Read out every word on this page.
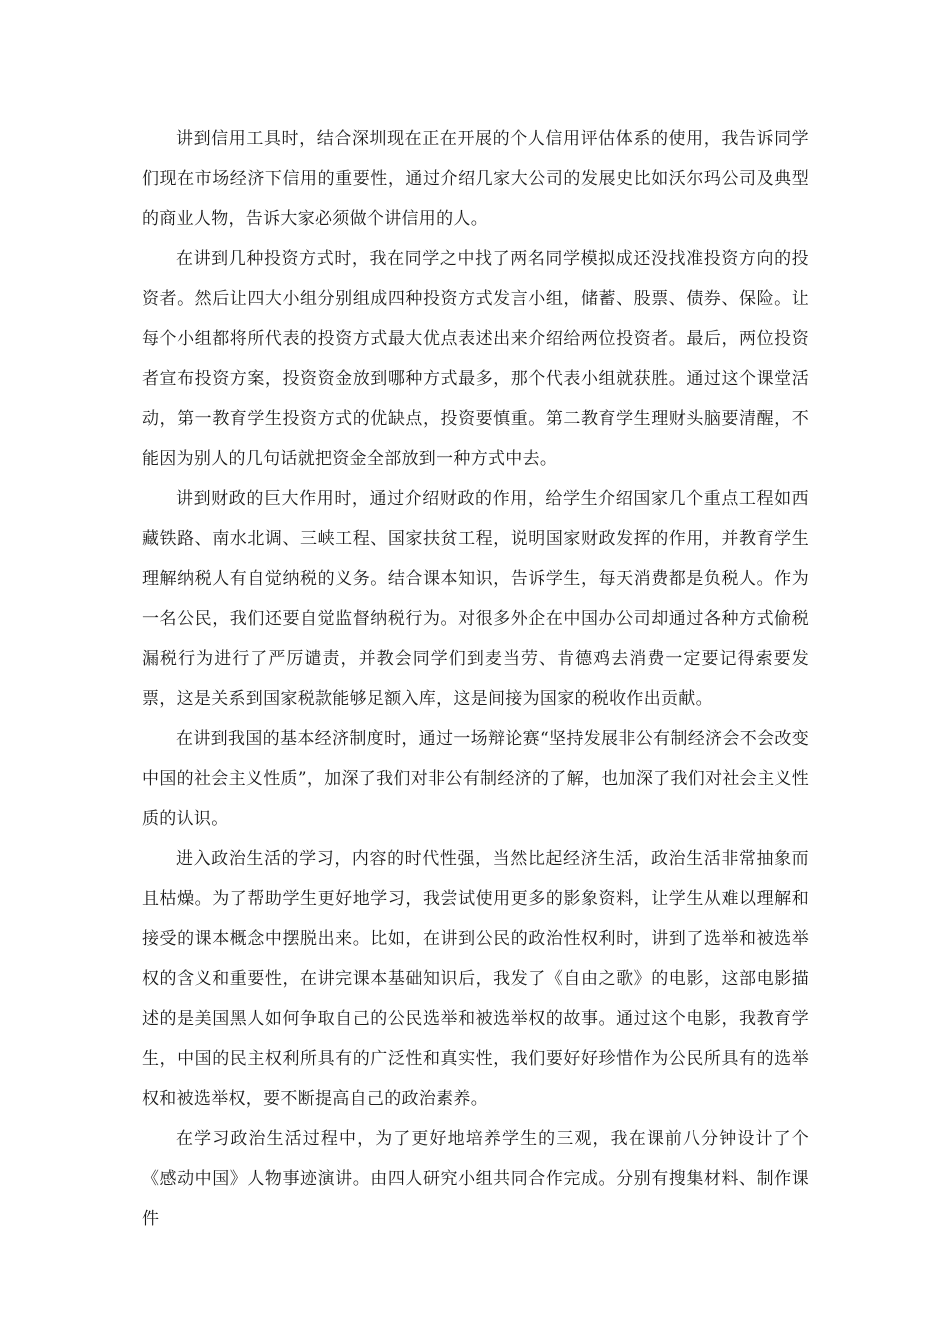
讲到信用工具时，结合深圳现在正在开展的个人信用评估体系的使用，我告诉同学们现在市场经济下信用的重要性，通过介绍几家大公司的发展史比如沃尔玛公司及典型的商业人物，告诉大家必须做个讲信用的人。

在讲到几种投资方式时，我在同学之中找了两名同学模拟成还没找准投资方向的投资者。然后让四大小组分别组成四种投资方式发言小组，储蓄、股票、债券、保险。让每个小组都将所代表的投资方式最大优点表述出来介绍给两位投资者。最后，两位投资者宣布投资方案，投资资金放到哪种方式最多，那个代表小组就获胜。通过这个课堂活动，第一教育学生投资方式的优缺点，投资要慎重。第二教育学生理财头脑要清醒，不能因为别人的几句话就把资金全部放到一种方式中去。

讲到财政的巨大作用时，通过介绍财政的作用，给学生介绍国家几个重点工程如西藏铁路、南水北调、三峡工程、国家扶贫工程，说明国家财政发挥的作用，并教育学生理解纳税人有自觉纳税的义务。结合课本知识，告诉学生，每天消费都是负税人。作为一名公民，我们还要自觉监督纳税行为。对很多外企在中国办公司却通过各种方式偷税漏税行为进行了严厉谴责，并教会同学们到麦当劳、肯德鸡去消费一定要记得索要发票，这是关系到国家税款能够足额入库，这是间接为国家的税收作出贡献。

在讲到我国的基本经济制度时，通过一场辩论赛“坚持发展非公有制经济会不会改变中国的社会主义性质”，加深了我们对非公有制经济的了解，也加深了我们对社会主义性质的认识。

进入政治生活的学习，内容的时代性强，当然比起经济生活，政治生活非常抽象而且枯燥。为了帮助学生更好地学习，我尝试使用更多的影象资料，让学生从难以理解和接受的课本概念中摆脱出来。比如，在讲到公民的政治性权利时，讲到了选举和被选举权的含义和重要性，在讲完课本基础知识后，我发了《自由之歌》的电影，这部电影描述的是美国黑人如何争取自己的公民选举和被选举权的故事。通过这个电影，我教育学生，中国的民主权利所具有的广泛性和真实性，我们要好好珍惜作为公民所具有的选举权和被选举权，要不断提高自己的政治素养。

在学习政治生活过程中，为了更好地培养学生的三观，我在课前八分钟设计了个《感动中国》人物事迹演讲。由四人研究小组共同合作完成。分别有搜集材料、制作课件
